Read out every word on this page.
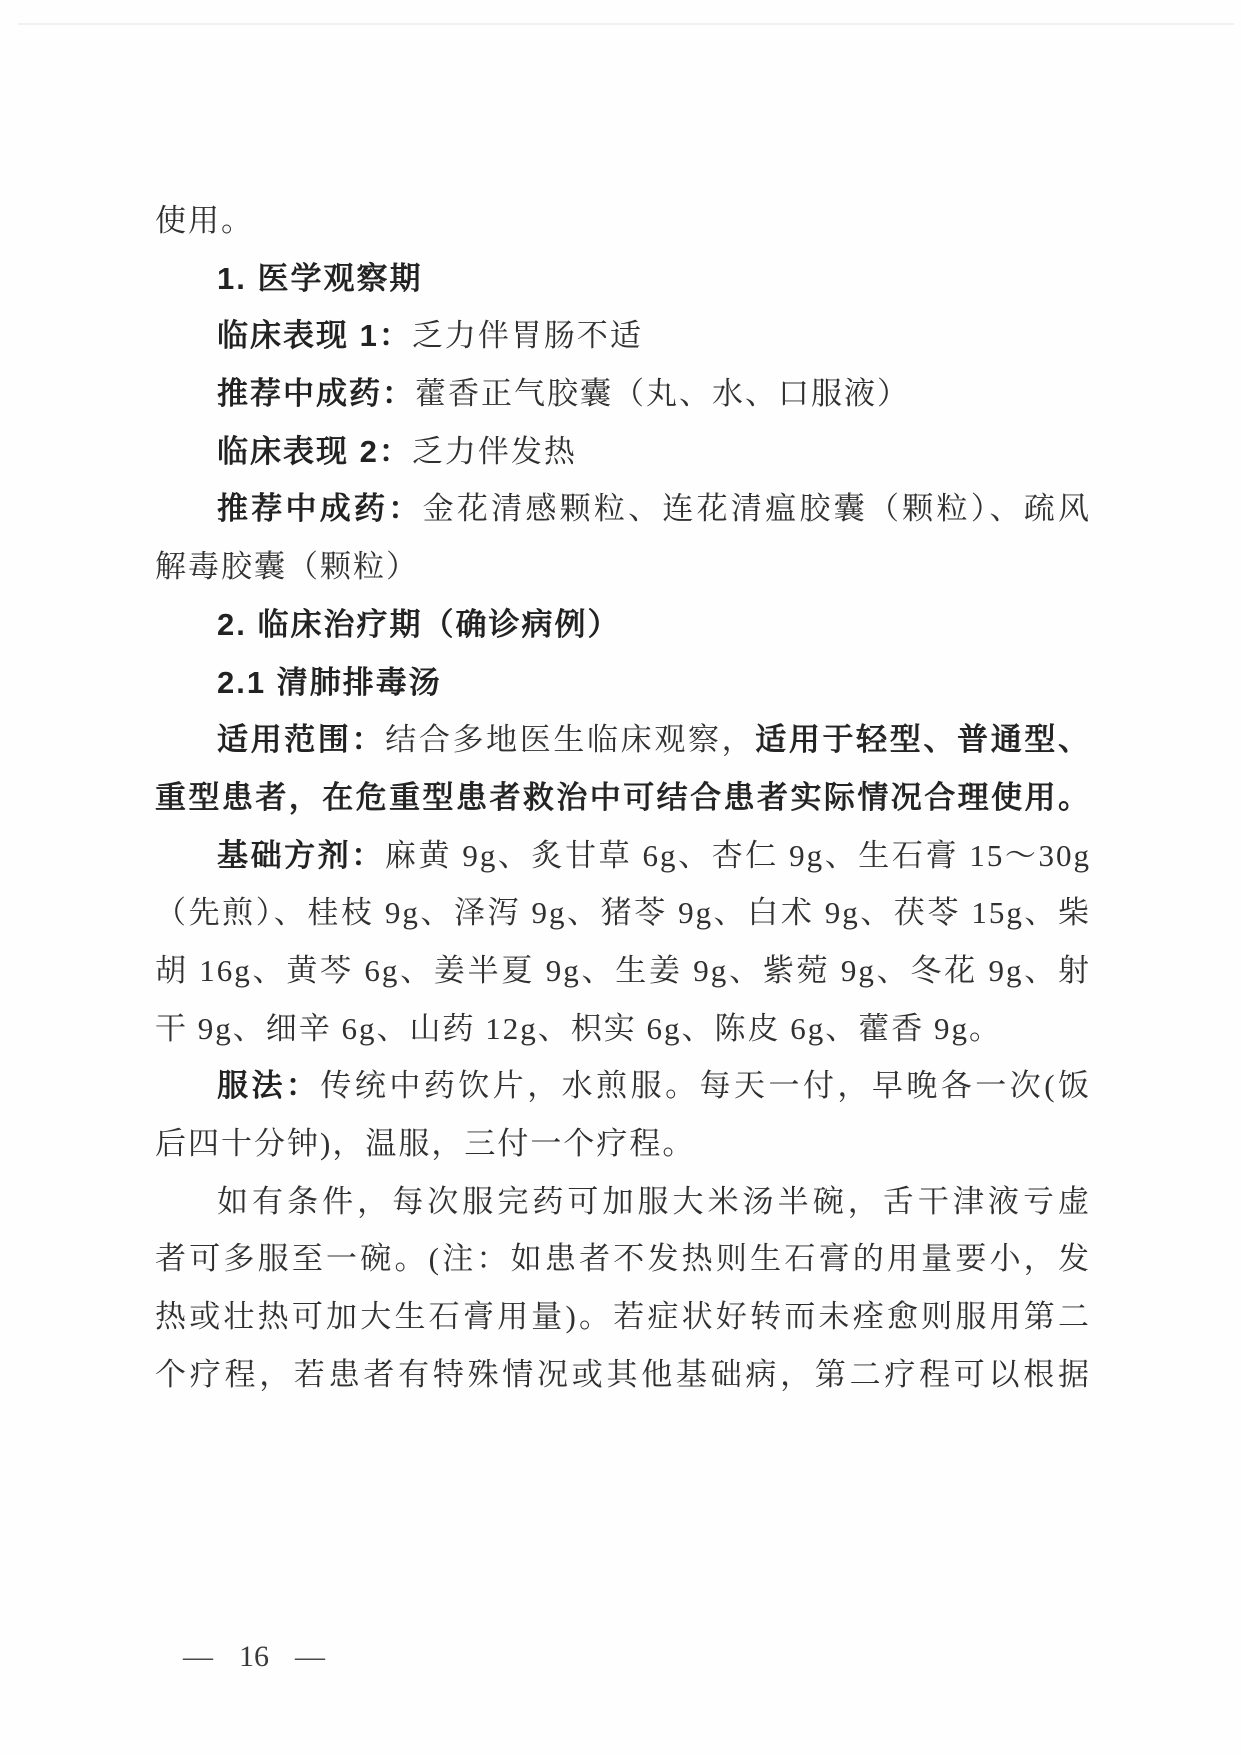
使用。
1. 医学观察期
临床表现 1：乏力伴胃肠不适
推荐中成药：藿香正气胶囊（丸、水、口服液）
临床表现 2：乏力伴发热
推荐中成药：金花清感颗粒、连花清瘟胶囊（颗粒）、疏风
解毒胶囊（颗粒）
2. 临床治疗期（确诊病例）
2.1 清肺排毒汤
适用范围：结合多地医生临床观察，适用于轻型、普通型、
重型患者，在危重型患者救治中可结合患者实际情况合理使用。
基础方剂：麻黄 9g、炙甘草 6g、杏仁 9g、生石膏 15～30g
（先煎）、桂枝 9g、泽泻 9g、猪苓 9g、白术 9g、茯苓 15g、柴
胡 16g、黄芩 6g、姜半夏 9g、生姜 9g、紫菀 9g、冬花 9g、射
干 9g、细辛 6g、山药 12g、枳实 6g、陈皮 6g、藿香 9g。
服法：传统中药饮片，水煎服。每天一付，早晚各一次(饭
后四十分钟)，温服，三付一个疗程。
如有条件，每次服完药可加服大米汤半碗，舌干津液亏虚
者可多服至一碗。(注：如患者不发热则生石膏的用量要小，发
热或壮热可加大生石膏用量)。若症状好转而未痊愈则服用第二
个疗程，若患者有特殊情况或其他基础病，第二疗程可以根据
— 16 —
